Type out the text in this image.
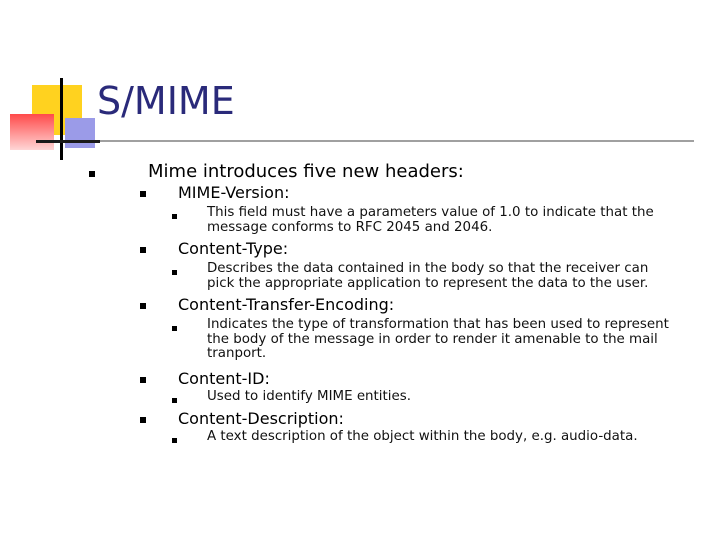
S/MIME
Mime introduces five new headers:
MIME-Version:
This field must have a parameters value of 1.0 to indicate that the
message conforms to RFC 2045 and 2046.
Content-Type:
Describes the data contained in the body so that the receiver can
pick the appropriate application to represent the data to the user.
Content-Transfer-Encoding:
Indicates the type of transformation that has been used to represent
the body of the message in order to render it amenable to the mail
tranport.
Content-ID:
Used to identify MIME entities.
Content-Description:
A text description of the object within the body, e.g. audio-data.
